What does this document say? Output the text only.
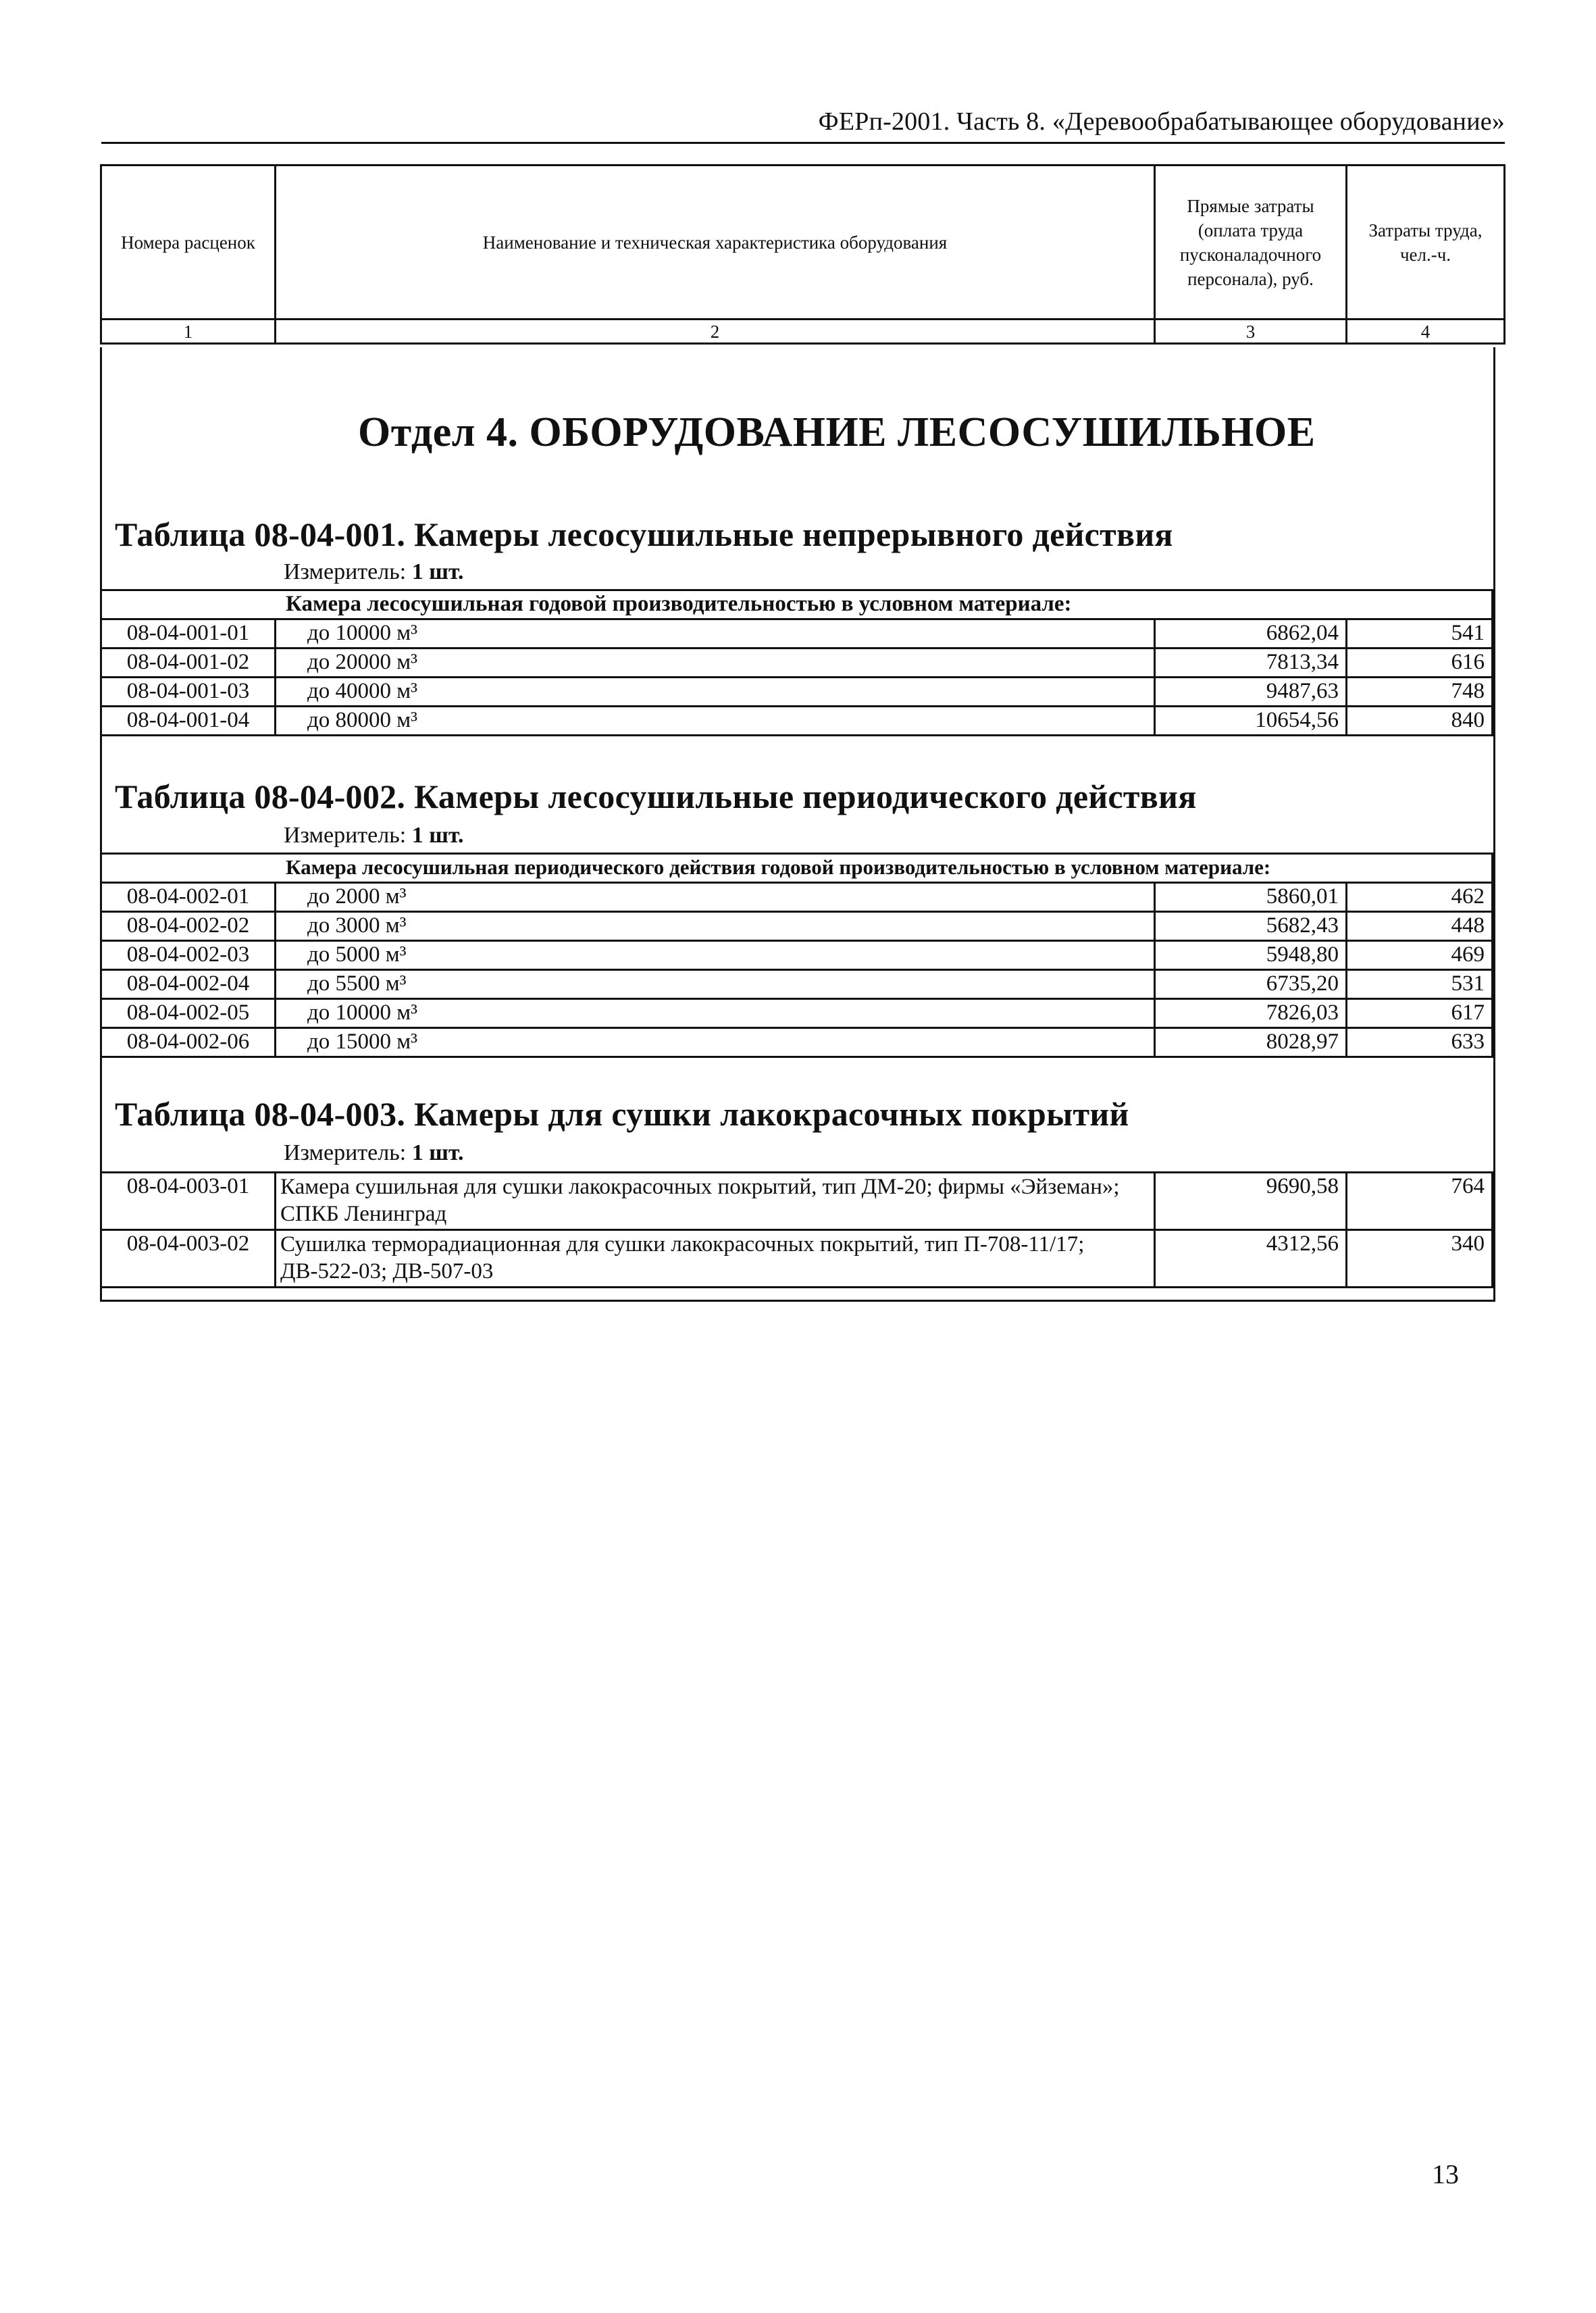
ФЕРп-2001. Часть 8. «Деревообрабатывающее оборудование»
Номера расценок	Наименование и техническая характеристика оборудования	Прямые затраты (оплата труда пусконаладочного персонала), руб.	Затраты труда, чел.-ч.
1	2	3	4
Отдел 4. ОБОРУДОВАНИЕ ЛЕСОСУШИЛЬНОЕ
Таблица 08-04-001. Камеры лесосушильные непрерывного действия
Измеритель: 1 шт.
Камера лесосушильная годовой производительностью в условном материале:			
08-04-001-01	до 10000 м³	6862,04	541
08-04-001-02	до 20000 м³	7813,34	616
08-04-001-03	до 40000 м³	9487,63	748
08-04-001-04	до 80000 м³	10654,56	840
Таблица 08-04-002. Камеры лесосушильные периодического действия
Измеритель: 1 шт.
Камера лесосушильная периодического действия годовой производительностью в условном материале:			
08-04-002-01	до 2000 м³	5860,01	462
08-04-002-02	до 3000 м³	5682,43	448
08-04-002-03	до 5000 м³	5948,80	469
08-04-002-04	до 5500 м³	6735,20	531
08-04-002-05	до 10000 м³	7826,03	617
08-04-002-06	до 15000 м³	8028,97	633
Таблица 08-04-003. Камеры для сушки лакокрасочных покрытий
Измеритель: 1 шт.
08-04-003-01	Камера сушильная для сушки лакокрасочных покрытий, тип ДМ-20; фирмы «Эйземан»; СПКБ Ленинград	9690,58	764
08-04-003-02	Сушилка терморадиационная для сушки лакокрасочных покрытий, тип П-708-11/17; ДВ-522-03; ДВ-507-03	4312,56	340
13
